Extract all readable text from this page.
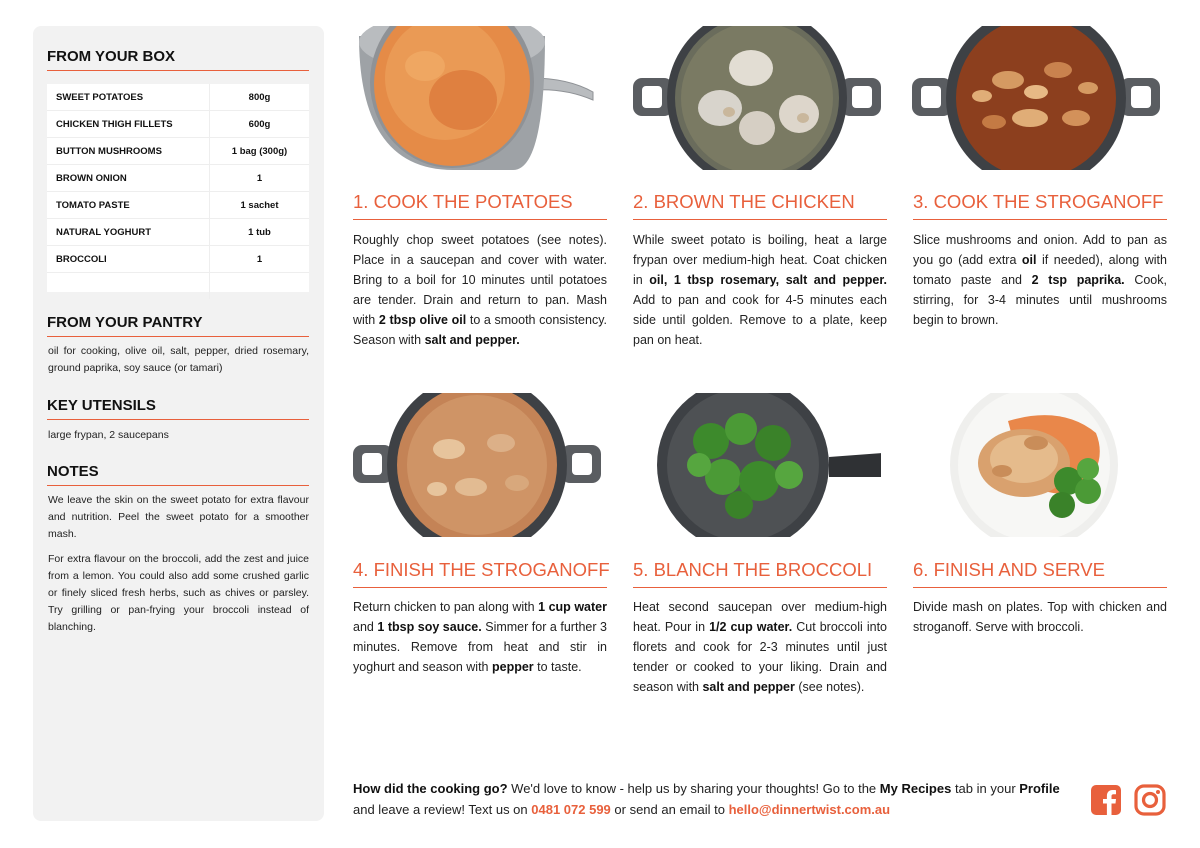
FROM YOUR BOX
SWEET POTATOES	800g
CHICKEN THIGH FILLETS	600g
BUTTON MUSHROOMS	1 bag (300g)
BROWN ONION	1
TOMATO PASTE	1 sachet
NATURAL YOGHURT	1 tub
BROCCOLI	1
FROM YOUR PANTRY

oil for cooking, olive oil, salt, pepper, dried rosemary, ground paprika, soy sauce (or tamari)

KEY UTENSILS

large frypan, 2 saucepans

NOTES

We leave the skin on the sweet potato for extra flavour and nutrition. Peel the sweet potato for a smoother mash.

For extra flavour on the broccoli, add the zest and juice from a lemon. You could also add some crushed garlic or finely sliced fresh herbs, such as chives or parsley. Try grilling or pan-frying your broccoli instead of blanching.

1. COOK THE POTATOES

Roughly chop sweet potatoes (see notes). Place in a saucepan and cover with water. Bring to a boil for 10 minutes until potatoes are tender. Drain and return to pan. Mash with 2 tbsp olive oil to a smooth consistency. Season with salt and pepper.

2. BROWN THE CHICKEN

While sweet potato is boiling, heat a large frypan over medium-high heat. Coat chicken in oil, 1 tbsp rosemary, salt and pepper. Add to pan and cook for 4-5 minutes each side until golden. Remove to a plate, keep pan on heat.

3. COOK THE STROGANOFF

Slice mushrooms and onion. Add to pan as you go (add extra oil if needed), along with tomato paste and 2 tsp paprika. Cook, stirring, for 3-4 minutes until mushrooms begin to brown.

4. FINISH THE STROGANOFF

Return chicken to pan along with 1 cup water and 1 tbsp soy sauce. Simmer for a further 3 minutes. Remove from heat and stir in yoghurt and season with pepper to taste.

5. BLANCH THE BROCCOLI

Heat second saucepan over medium-high heat. Pour in 1/2 cup water. Cut broccoli into florets and cook for 2-3 minutes until just tender or cooked to your liking. Drain and season with salt and pepper (see notes).

6. FINISH AND SERVE

Divide mash on plates. Top with chicken and stroganoff. Serve with broccoli.

How did the cooking go? We'd love to know - help us by sharing your thoughts! Go to the My Recipes tab in your Profile and leave a review! Text us on 0481 072 599 or send an email to hello@dinnertwist.com.au
